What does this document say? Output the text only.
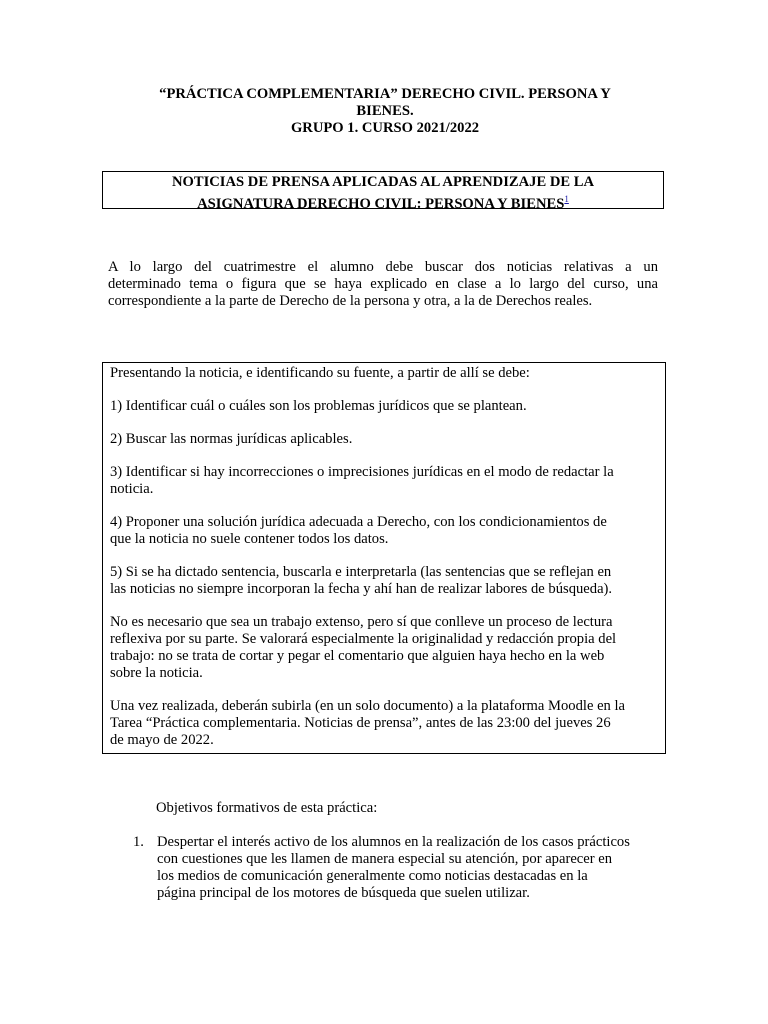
“PRÁCTICA COMPLEMENTARIA” DERECHO CIVIL. PERSONA Y
BIENES.
GRUPO 1. CURSO 2021/2022
NOTICIAS DE PRENSA APLICADAS AL APRENDIZAJE DE LA
ASIGNATURA DERECHO CIVIL: PERSONA Y BIENES$^1$
A lo largo del cuatrimestre el alumno debe buscar dos noticias relativas a un
determinado tema o figura que se haya explicado en clase a lo largo del curso, una
correspondiente a la parte de Derecho de la persona y otra, a la de Derechos reales.

Presentando la noticia, e identificando su fuente, a partir de allí se debe:

1) Identificar cuál o cuáles son los problemas jurídicos que se plantean.

2) Buscar las normas jurídicas aplicables.

3) Identificar si hay incorrecciones o imprecisiones jurídicas en el modo de redactar la
noticia.

4) Proponer una solución jurídica adecuada a Derecho, con los condicionamientos de
que la noticia no suele contener todos los datos.

5) Si se ha dictado sentencia, buscarla e interpretarla (las sentencias que se reflejan en
las noticias no siempre incorporan la fecha y ahí han de realizar labores de búsqueda).

No es necesario que sea un trabajo extenso, pero sí que conlleve un proceso de lectura
reflexiva por su parte. Se valorará especialmente la originalidad y redacción propia del
trabajo: no se trata de cortar y pegar el comentario que alguien haya hecho en la web
sobre la noticia.

Una vez realizada, deberán subirla (en un solo documento) a la plataforma Moodle en la
Tarea “Práctica complementaria. Noticias de prensa”, antes de las 23:00 del jueves 26
de mayo de 2022.

Objetivos formativos de esta práctica:
1. Despertar el interés activo de los alumnos en la realización de los casos prácticos
con cuestiones que les llamen de manera especial su atención, por aparecer en
los medios de comunicación generalmente como noticias destacadas en la
página principal de los motores de búsqueda que suelen utilizar.
